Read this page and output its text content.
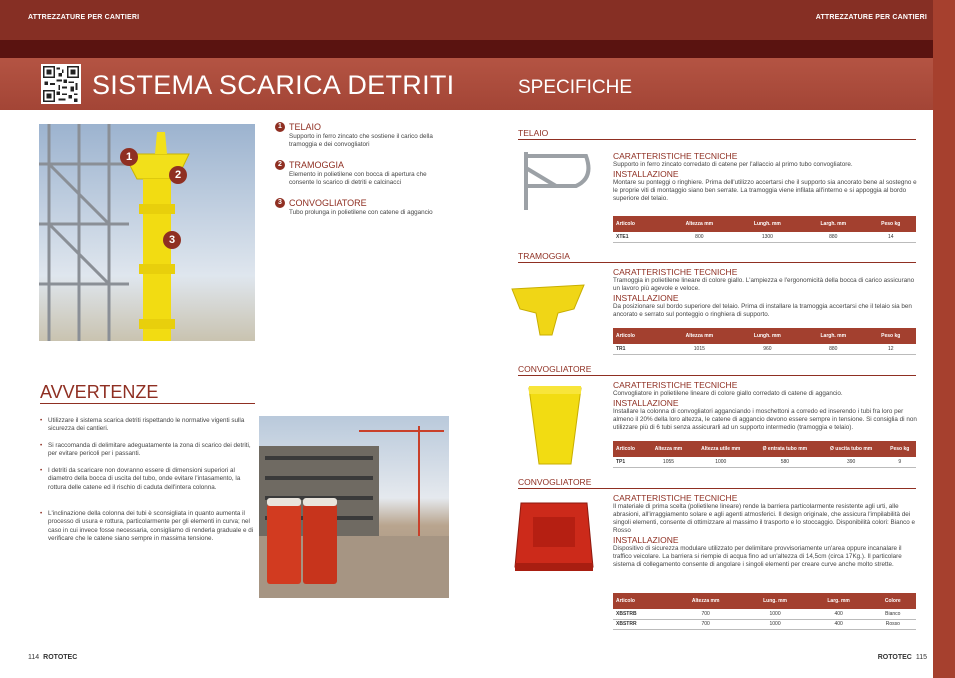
ATTREZZATURE PER CANTIERI	ATTREZZATURE PER CANTIERI
SISTEMA SCARICA DETRITI	SPECIFICHE
1
2
3
1 TELAIO
Supporto in ferro zincato che sostiene il carico della tramoggia e dei convogliatori
2 TRAMOGGIA
Elemento in polietilene con bocca di apertura che consente lo scarico di detriti e calcinacci
3 CONVOGLIATORE
Tubo prolunga in polietilene con catene di aggancio
AVVERTENZE
• Utilizzare il sistema scarica detriti rispettando le normative vigenti sulla sicurezza dei cantieri.
• Si raccomanda di delimitare adeguatamente la zona di scarico dei detriti, per evitare pericoli per i passanti.
• I detriti da scaricare non dovranno essere di dimensioni superiori al diametro della bocca di uscita del tubo, onde evitare l'intasamento, la rottura delle catene ed il rischio di caduta dell'intera colonna.
• L'inclinazione della colonna dei tubi è sconsigliata in quanto aumenta il processo di usura e rottura, particolarmente per gli elementi in curva; nel caso in cui invece fosse necessaria, consigliamo di renderla graduale e di verificare che le catene siano sempre in massima tensione.
TELAIO
CARATTERISTICHE TECNICHE
Supporto in ferro zincato corredato di catene per l'allaccio al primo tubo convogliatore.
INSTALLAZIONE
Montare su ponteggi o ringhiere. Prima dell'utilizzo accertarsi che il supporto sia ancorato bene al sostegno e le proprie viti di montaggio siano ben serrate. La tramoggia viene infilata all'interno e si appoggia al bordo superiore del telaio.
Articolo	Altezza mm	Lungh. mm	Largh. mm	Peso kg
XTE1	800	1300	880	14
TRAMOGGIA
CARATTERISTICHE TECNICHE
Tramoggia in polietilene lineare di colore giallo. L'ampiezza e l'ergonomicità della bocca di carico assicurano un lavoro più agevole e veloce.
INSTALLAZIONE
Da posizionare sul bordo superiore del telaio. Prima di installare la tramoggia accertarsi che il telaio sia ben ancorato e serrato sul ponteggio o ringhiera di supporto.
Articolo	Altezza mm	Lungh. mm	Largh. mm	Peso kg
TR1	1015	960	880	12
CONVOGLIATORE
CARATTERISTICHE TECNICHE
Convogliatore in polietilene lineare di colore giallo corredato di catene di aggancio.
INSTALLAZIONE
Installare la colonna di convogliatori agganciando i moschettoni a corredo ed inserendo i tubi fra loro per almeno il 20% della loro altezza, le catene di aggancio devono essere sempre in tensione. Si consiglia di non utilizzare più di 6 tubi senza assicurarli ad un supporto intermedio (tramoggia e telaio).
Articolo	Altezza mm	Altezza utile mm	Ø entrata tubo mm	Ø uscita tubo mm	Peso kg
TP1	1055	1000	580	390	9
CONVOGLIATORE
CARATTERISTICHE TECNICHE
Il materiale di prima scelta (polietilene lineare) rende la barriera particolarmente resistente agli urti, alle abrasioni, all'irraggiamento solare e agli agenti atmosferici. Il design originale, che assicura l'impilabilità dei singoli elementi, consente di ottimizzare al massimo il trasporto e lo stoccaggio. Disponibilità colori: Bianco e Rosso
INSTALLAZIONE
Dispositivo di sicurezza modulare utilizzato per delimitare provvisoriamente un'area oppure incanalare il traffico veicolare. La barriera si riempie di acqua fino ad un'altezza di 14,5cm (circa 17Kg.). Il particolare sistema di collegamento consente di angolare i singoli elementi per creare curve anche molto strette.
Articolo	Altezza mm	Lung. mm	Larg. mm	Colore
XBSTRB	700	1000	400	Bianco
XBSTRR	700	1000	400	Rosso
114 ROTOTEC	ROTOTEC 115
